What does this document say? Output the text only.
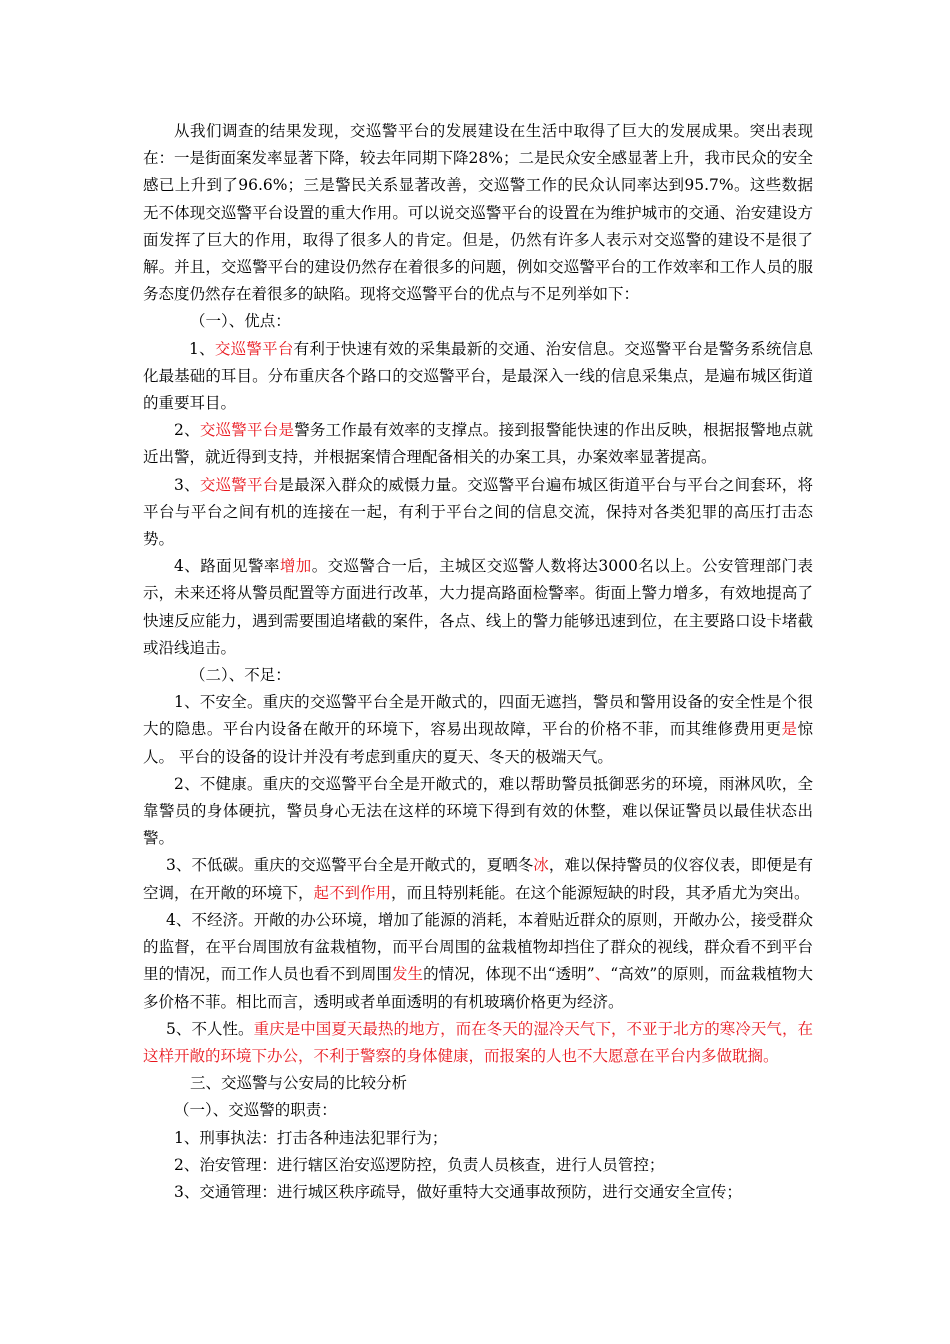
从我们调查的结果发现，交巡警平台的发展建设在生活中取得了巨大的发展成果。突出表现在：一是街面案发率显著下降，较去年同期下降28%；二是民众安全感显著上升，我市民众的安全感已上升到了96.6%；三是警民关系显著改善，交巡警工作的民众认同率达到95.7%。这些数据无不体现交巡警平台设置的重大作用。可以说交巡警平台的设置在为维护城市的交通、治安建设方面发挥了巨大的作用，取得了很多人的肯定。但是，仍然有许多人表示对交巡警的建设不是很了解。并且，交巡警平台的建设仍然存在着很多的问题，例如交巡警平台的工作效率和工作人员的服务态度仍然存在着很多的缺陷。现将交巡警平台的优点与不足列举如下：

（一）、优点：

1、交巡警平台有利于快速有效的采集最新的交通、治安信息。交巡警平台是警务系统信息化最基础的耳目。分布重庆各个路口的交巡警平台，是最深入一线的信息采集点，是遍布城区街道的重要耳目。

2、交巡警平台是警务工作最有效率的支撑点。接到报警能快速的作出反映，根据报警地点就近出警，就近得到支持，并根据案情合理配备相关的办案工具，办案效率显著提高。

3、交巡警平台是最深入群众的威慑力量。交巡警平台遍布城区街道平台与平台之间套环，将平台与平台之间有机的连接在一起，有利于平台之间的信息交流，保持对各类犯罪的高压打击态势。

4、路面见警率增加。交巡警合一后，主城区交巡警人数将达3000名以上。公安管理部门表示，未来还将从警员配置等方面进行改革，大力提高路面检警率。街面上警力增多，有效地提高了快速反应能力，遇到需要围追堵截的案件，各点、线上的警力能够迅速到位，在主要路口设卡堵截或沿线追击。

（二）、不足：

1、不安全。重庆的交巡警平台全是开敞式的，四面无遮挡，警员和警用设备的安全性是个很大的隐患。平台内设备在敞开的环境下，容易出现故障，平台的价格不菲，而其维修费用更是惊人。 平台的设备的设计并没有考虑到重庆的夏天、冬天的极端天气。

2、不健康。重庆的交巡警平台全是开敞式的，难以帮助警员抵御恶劣的环境，雨淋风吹，全靠警员的身体硬抗，警员身心无法在这样的环境下得到有效的休整，难以保证警员以最佳状态出警。

3、不低碳。重庆的交巡警平台全是开敞式的，夏晒冬冰，难以保持警员的仪容仪表，即便是有空调，在开敞的环境下，起不到作用，而且特别耗能。在这个能源短缺的时段，其矛盾尤为突出。

4、不经济。开敞的办公环境，增加了能源的消耗，本着贴近群众的原则，开敞办公，接受群众的监督，在平台周围放有盆栽植物，而平台周围的盆栽植物却挡住了群众的视线，群众看不到平台里的情况，而工作人员也看不到周围发生的情况，体现不出“透明”、“高效”的原则，而盆栽植物大多价格不菲。相比而言，透明或者单面透明的有机玻璃价格更为经济。

5、不人性。重庆是中国夏天最热的地方，而在冬天的湿冷天气下，不亚于北方的寒冷天气，在这样开敞的环境下办公，不利于警察的身体健康，而报案的人也不大愿意在平台内多做耽搁。

三、交巡警与公安局的比较分析

（一）、交巡警的职责：

1、刑事执法：打击各种违法犯罪行为；

2、治安管理：进行辖区治安巡逻防控，负责人员核查，进行人员管控；

3、交通管理：进行城区秩序疏导，做好重特大交通事故预防，进行交通安全宣传；
